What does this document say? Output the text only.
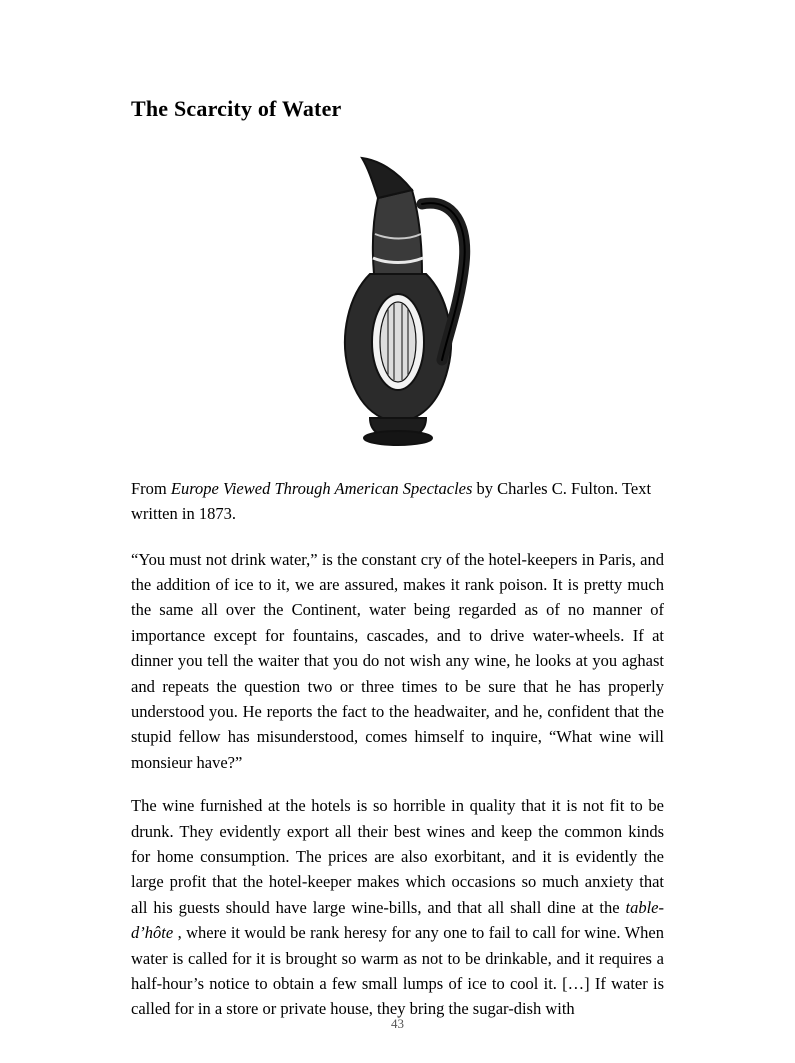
The Scarcity of Water
From Europe Viewed Through American Spectacles by Charles C. Fulton. Text written in 1873.

“You must not drink water,” is the constant cry of the hotel-keepers in Paris, and the addition of ice to it, we are assured, makes it rank poison. It is pretty much the same all over the Continent, water being regarded as of no manner of importance except for fountains, cascades, and to drive water-wheels. If at dinner you tell the waiter that you do not wish any wine, he looks at you aghast and repeats the question two or three times to be sure that he has properly understood you. He reports the fact to the headwaiter, and he, confident that the stupid fellow has misunderstood, comes himself to inquire, “What wine will monsieur have?”

The wine furnished at the hotels is so horrible in quality that it is not fit to be drunk. They evidently export all their best wines and keep the common kinds for home consumption. The prices are also exorbitant, and it is evidently the large profit that the hotel-keeper makes which occasions so much anxiety that all his guests should have large wine-bills, and that all shall dine at the table-d’hôte , where it would be rank heresy for any one to fail to call for wine. When water is called for it is brought so warm as not to be drinkable, and it requires a half-hour’s notice to obtain a few small lumps of ice to cool it. […] If water is called for in a store or private house, they bring the sugar-dish with

43
